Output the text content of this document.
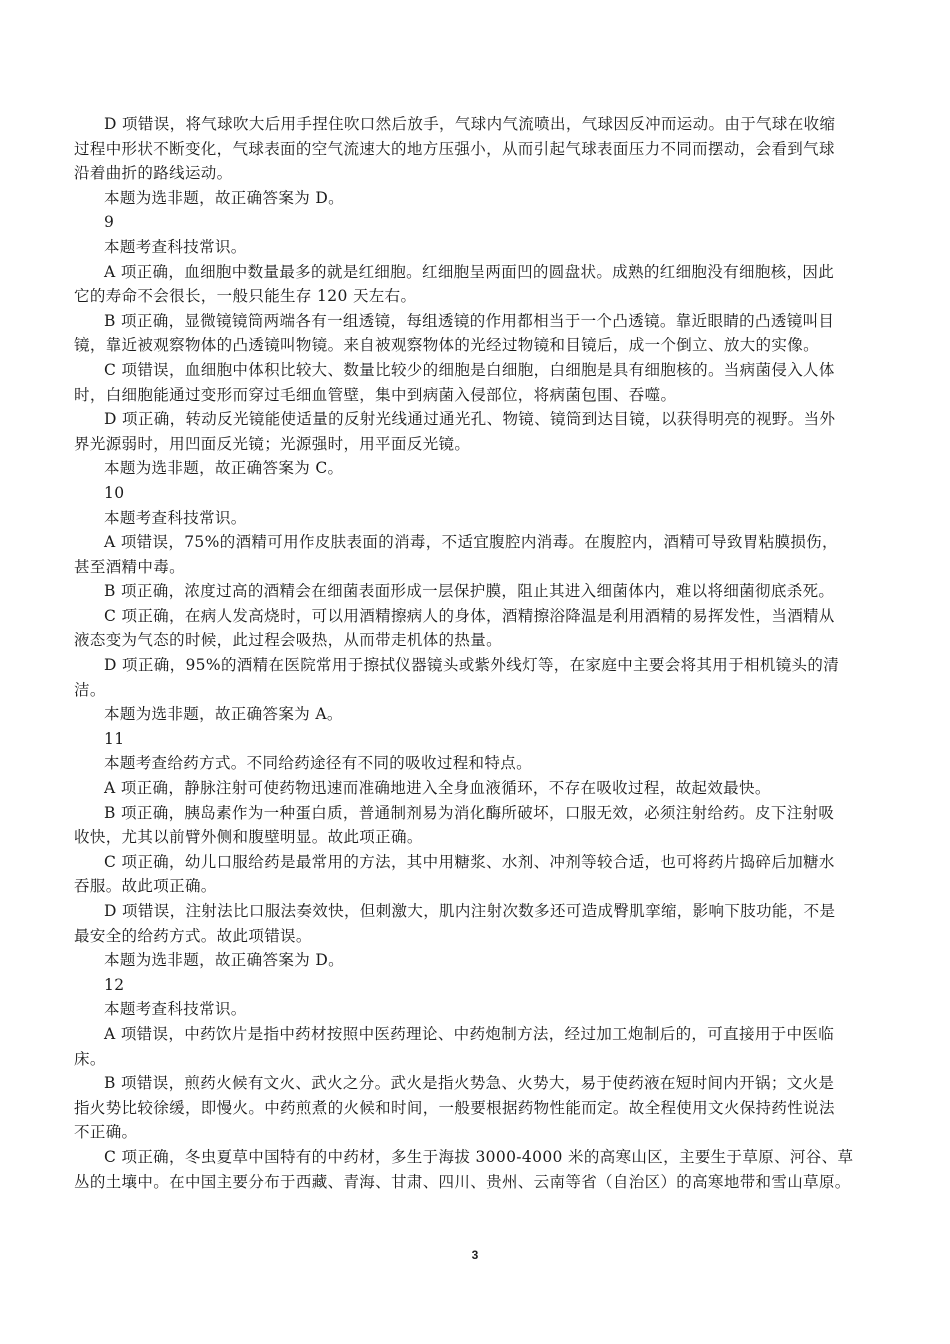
D 项错误，将气球吹大后用手捏住吹口然后放手，气球内气流喷出，气球因反冲而运动。由于气球在收缩

过程中形状不断变化，气球表面的空气流速大的地方压强小，从而引起气球表面压力不同而摆动，会看到气球

沿着曲折的路线运动。

本题为选非题，故正确答案为 D。

9

本题考查科技常识。

A 项正确，血细胞中数量最多的就是红细胞。红细胞呈两面凹的圆盘状。成熟的红细胞没有细胞核，因此

它的寿命不会很长，一般只能生存 120 天左右。

B 项正确，显微镜镜筒两端各有一组透镜，每组透镜的作用都相当于一个凸透镜。靠近眼睛的凸透镜叫目

镜，靠近被观察物体的凸透镜叫物镜。来自被观察物体的光经过物镜和目镜后，成一个倒立、放大的实像。

C 项错误，血细胞中体积比较大、数量比较少的细胞是白细胞，白细胞是具有细胞核的。当病菌侵入人体

时，白细胞能通过变形而穿过毛细血管壁，集中到病菌入侵部位，将病菌包围、吞噬。

D 项正确，转动反光镜能使适量的反射光线通过通光孔、物镜、镜筒到达目镜，以获得明亮的视野。当外

界光源弱时，用凹面反光镜；光源强时，用平面反光镜。

本题为选非题，故正确答案为 C。

10

本题考查科技常识。

A 项错误，75%的酒精可用作皮肤表面的消毒，不适宜腹腔内消毒。在腹腔内，酒精可导致胃粘膜损伤，

甚至酒精中毒。

B 项正确，浓度过高的酒精会在细菌表面形成一层保护膜，阻止其进入细菌体内，难以将细菌彻底杀死。

C 项正确，在病人发高烧时，可以用酒精擦病人的身体，酒精擦浴降温是利用酒精的易挥发性，当酒精从

液态变为气态的时候，此过程会吸热，从而带走机体的热量。

D 项正确，95%的酒精在医院常用于擦拭仪器镜头或紫外线灯等，在家庭中主要会将其用于相机镜头的清

洁。

本题为选非题，故正确答案为 A。

11

本题考查给药方式。不同给药途径有不同的吸收过程和特点。

A 项正确，静脉注射可使药物迅速而准确地进入全身血液循环，不存在吸收过程，故起效最快。

B 项正确，胰岛素作为一种蛋白质，普通制剂易为消化酶所破坏，口服无效，必须注射给药。皮下注射吸

收快，尤其以前臂外侧和腹壁明显。故此项正确。

C 项正确，幼儿口服给药是最常用的方法，其中用糖浆、水剂、冲剂等较合适，也可将药片捣碎后加糖水

吞服。故此项正确。

D 项错误，注射法比口服法奏效快，但刺激大，肌内注射次数多还可造成臀肌挛缩，影响下肢功能，不是

最安全的给药方式。故此项错误。

本题为选非题，故正确答案为 D。

12

本题考查科技常识。

A 项错误，中药饮片是指中药材按照中医药理论、中药炮制方法，经过加工炮制后的，可直接用于中医临

床。

B 项错误，煎药火候有文火、武火之分。武火是指火势急、火势大，易于使药液在短时间内开锅；文火是

指火势比较徐缓，即慢火。中药煎煮的火候和时间，一般要根据药物性能而定。故全程使用文火保持药性说法

不正确。

C 项正确，冬虫夏草中国特有的中药材，多生于海拔 3000-4000 米的高寒山区，主要生于草原、河谷、草

丛的土壤中。在中国主要分布于西藏、青海、甘肃、四川、贵州、云南等省（自治区）的高寒地带和雪山草原。

3
